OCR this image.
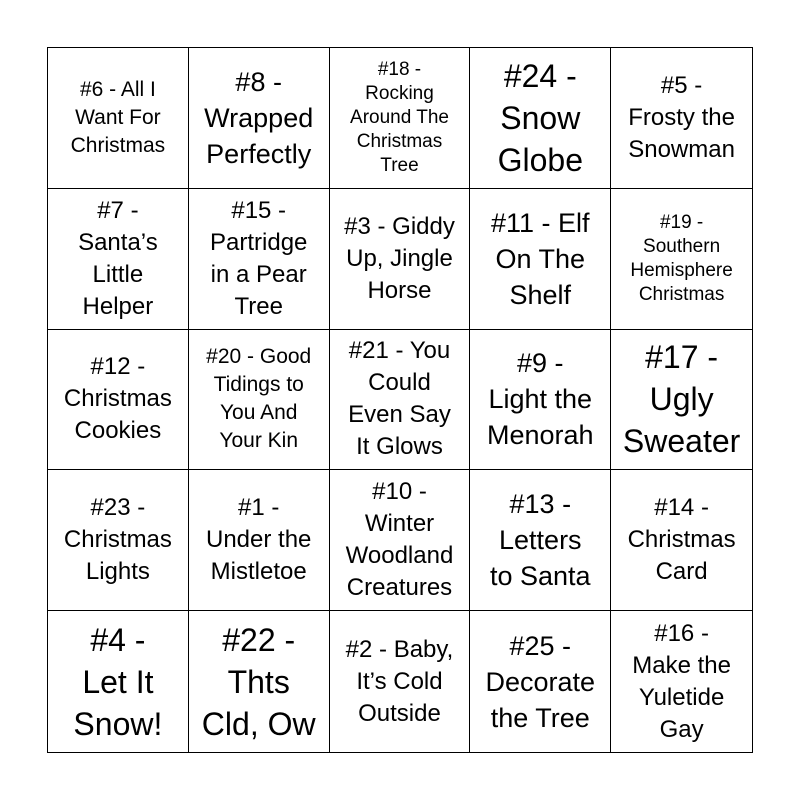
#6 - All I
Want For
Christmas
#8 -
Wrapped
Perfectly
#18 -
Rocking
Around The
Christmas
Tree
#24 -
Snow
Globe
#5 -
Frosty the
Snowman
#7 -
Santa’s
Little
Helper
#15 -
Partridge
in a Pear
Tree
#3 - Giddy
Up, Jingle
Horse
#11 - Elf
On The
Shelf
#19 -
Southern
Hemisphere
Christmas
#12 -
Christmas
Cookies
#20 - Good
Tidings to
You And
Your Kin
#21 - You
Could
Even Say
It Glows
#9 -
Light the
Menorah
#17 -
Ugly
Sweater
#23 -
Christmas
Lights
#1 -
Under the
Mistletoe
#10 -
Winter
Woodland
Creatures
#13 -
Letters
to Santa
#14 -
Christmas
Card
#4 -
Let It
Snow!
#22 -
Thts
Cld, Ow
#2 - Baby,
It’s Cold
Outside
#25 -
Decorate
the Tree
#16 -
Make the
Yuletide
Gay
